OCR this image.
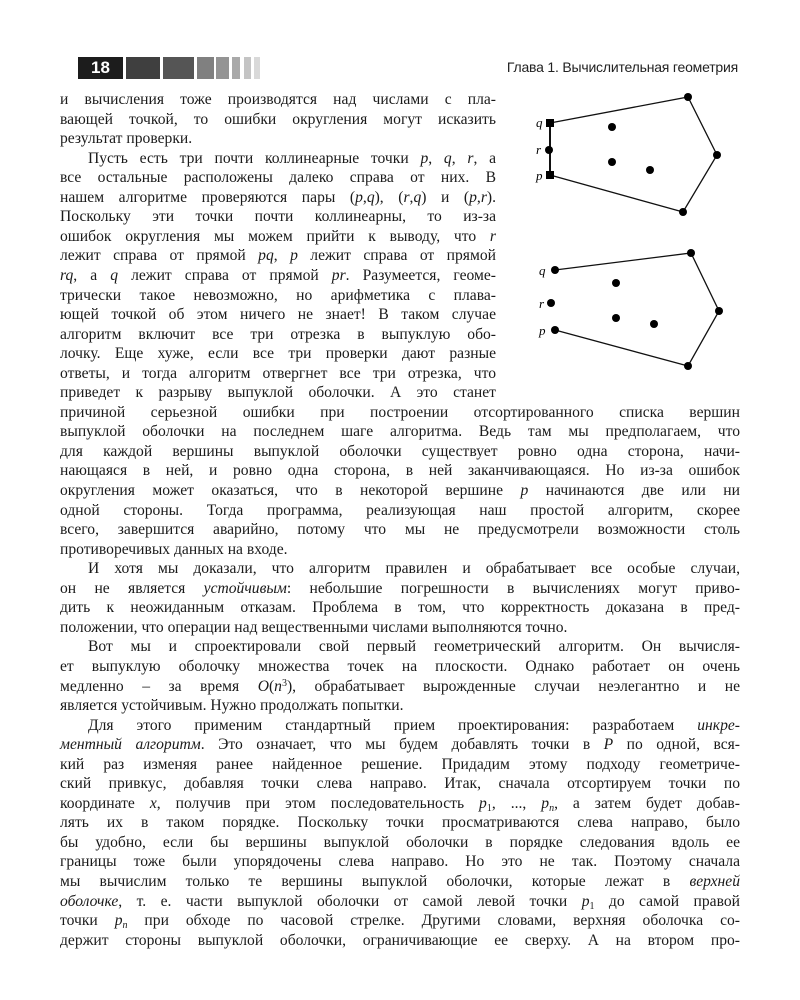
18	Глава 1. Вычислительная геометрия
q
r
p
q
r
p
и вычисления тоже производятся над числами с пла-
вающей точкой, то ошибки округления могут исказить
результат проверки.
Пусть есть три почти коллинеарные точки p, q, r, а
все остальные расположены далеко справа от них. В
нашем алгоритме проверяются пары (p,q), (r,q) и (p,r).
Поскольку эти точки почти коллинеарны, то из-за
ошибок округления мы можем прийти к выводу, что r
лежит справа от прямой pq, p лежит справа от прямой
rq, а q лежит справа от прямой pr. Разумеется, геоме-
трически такое невозможно, но арифметика с плава-
ющей точкой об этом ничего не знает! В таком случае
алгоритм включит все три отрезка в выпуклую обо-
лочку. Еще хуже, если все три проверки дают разные
ответы, и тогда алгоритм отвергнет все три отрезка, что
приведет к разрыву выпуклой оболочки. А это станет
причиной серьезной ошибки при построении отсортированного списка вершин
выпуклой оболочки на последнем шаге алгоритма. Ведь там мы предполагаем, что
для каждой вершины выпуклой оболочки существует ровно одна сторона, начи-
нающаяся в ней, и ровно одна сторона, в ней заканчивающаяся. Но из-за ошибок
округления может оказаться, что в некоторой вершине p начинаются две или ни
одной стороны. Тогда программа, реализующая наш простой алгоритм, скорее
всего, завершится аварийно, потому что мы не предусмотрели возможности столь
противоречивых данных на входе.
И хотя мы доказали, что алгоритм правилен и обрабатывает все особые случаи,
он не является устойчивым: небольшие погрешности в вычислениях могут приво-
дить к неожиданным отказам. Проблема в том, что корректность доказана в пред-
положении, что операции над вещественными числами выполняются точно.
Вот мы и спроектировали свой первый геометрический алгоритм. Он вычисля-
ет выпуклую оболочку множества точек на плоскости. Однако работает он очень
медленно – за время $O(n^3)$, обрабатывает вырожденные случаи неэлегантно и не
является устойчивым. Нужно продолжать попытки.
Для этого применим стандартный прием проектирования: разработаем инкре-
ментный алгоритм. Это означает, что мы будем добавлять точки в P по одной, вся-
кий раз изменяя ранее найденное решение. Придадим этому подходу геометриче-
ский привкус, добавляя точки слева направо. Итак, сначала отсортируем точки по
координате x, получив при этом последовательность $p_1$, ..., $p_n$, а затем будет добав-
лять их в таком порядке. Поскольку точки просматриваются слева направо, было
бы удобно, если бы вершины выпуклой оболочки в порядке следования вдоль ее
границы тоже были упорядочены слева направо. Но это не так. Поэтому сначала
мы вычислим только те вершины выпуклой оболочки, которые лежат в верхней
оболочке, т. е. части выпуклой оболочки от самой левой точки $p_1$ до самой правой
точки $p_n$ при обходе по часовой стрелке. Другими словами, верхняя оболочка со-
держит стороны выпуклой оболочки, ограничивающие ее сверху. А на втором про-
